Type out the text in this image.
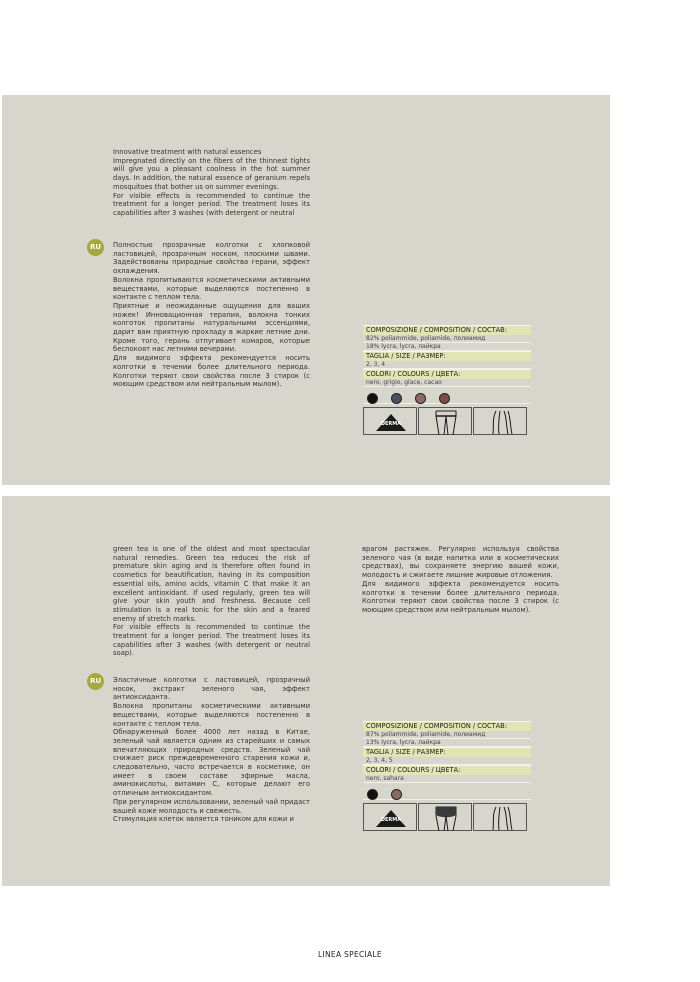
Innovative treatment with natural essences

Impregnated directly on the fibers of the thinnest tights will give you a pleasant coolness in the hot summer days. In addition, the natural essence of geranium repels mosquitoes that bother us on summer evenings.

For visible effects is recommended to continue the treatment for a longer period. The treatment loses its capabilities after 3 washes (with detergent or neutral

RU	Полностью прозрачные колготки с хлопковой ластовицей, прозрачным носком, плоскими швами. Задействованы природные свойства герани, эффект охлаждения.

Волокна пропитываются косметическими активными веществами, которые выделяются постепенно в контакте с теплом тела.

Приятные и неожиданные ощущения для ваших ножек! Инновационная терапия, волокна тонких колготок пропитаны натуральными эссенциями, дарит вам приятную прохладу в жаркие летние дни. Кроме того, герань отпугивает комаров, которые беспокоят нас летними вечерами.

Для видимого эффекта рекомендуется носить колготки в течении более длительного периода. Колготки теряют свои свойства после 3 стирок (с моющим средством или нейтральным мылом).

COMPOSIZIONE / COMPOSITION / СОСТАВ:
82% poliammide, poliamide, полиамид
18% lycra, lycra, лайкра
TAGLIA / SIZE / РАЗМЕР:
2, 3, 4
COLORI / COLOURS / ЦВЕТА:
nero, grigio, glace, cacao

DERMA

green tea is one of the oldest and most spectacular natural remedies. Green tea reduces the risk of premature skin aging and is therefore often found in cosmetics for beautification, having in its composition essential oils, amino acids, vitamin C that make it an excellent antioxidant. If used regularly, green tea will give your skin youth and freshness. Because cell stimulation is a real tonic for the skin and a feared enemy of stretch marks.

For visible effects is recommended to continue the treatment for a longer period. The treatment loses its capabilities after 3 washes (with detergent or neutral soap).

RU	Эластичные колготки с ластовицей, прозрачный носок, экстракт зеленого чая, эффект антиоксиданта.

Волокна пропитаны косметическими активными веществами, которые выделяются постепенно в контакте с теплом тела.

Обнаруженный более 4000 лет назад в Китае, зеленый чай является одним из старейших и самых впечатляющих природных средств. Зеленый чай снижает риск преждевременного старения кожи и, следовательно, часто встречается в косметике, он имеет в своем составе эфирные масла, аминокислоты, витамин С, которые делают его отличным антиоксидантом.

При регулярном использовании, зеленый чай придаст вашей коже молодость и свежесть.

Стимуляция клеток является тоником для кожи и

врагом растяжек. Регулярно используя свойства зеленого чая (в виде напитка или в косметических средствах), вы сохраняете энергию вашей кожи, молодость и сжигаете лишние жировые отложения.

Для видимого эффекта рекомендуется носить колготки в течении более длительного периода. Колготки теряют свои свойства после 3 стирок (с моющим средством или нейтральным мылом).

COMPOSIZIONE / COMPOSITION / СОСТАВ:
87% poliammide, poliamide, полиамид
13% lycra, lycra, лайкра
TAGLIA / SIZE / РАЗМЕР:
2, 3, 4, 5
COLORI / COLOURS / ЦВЕТА:
nero, sahara

DERMA
LINEA SPECIALE
